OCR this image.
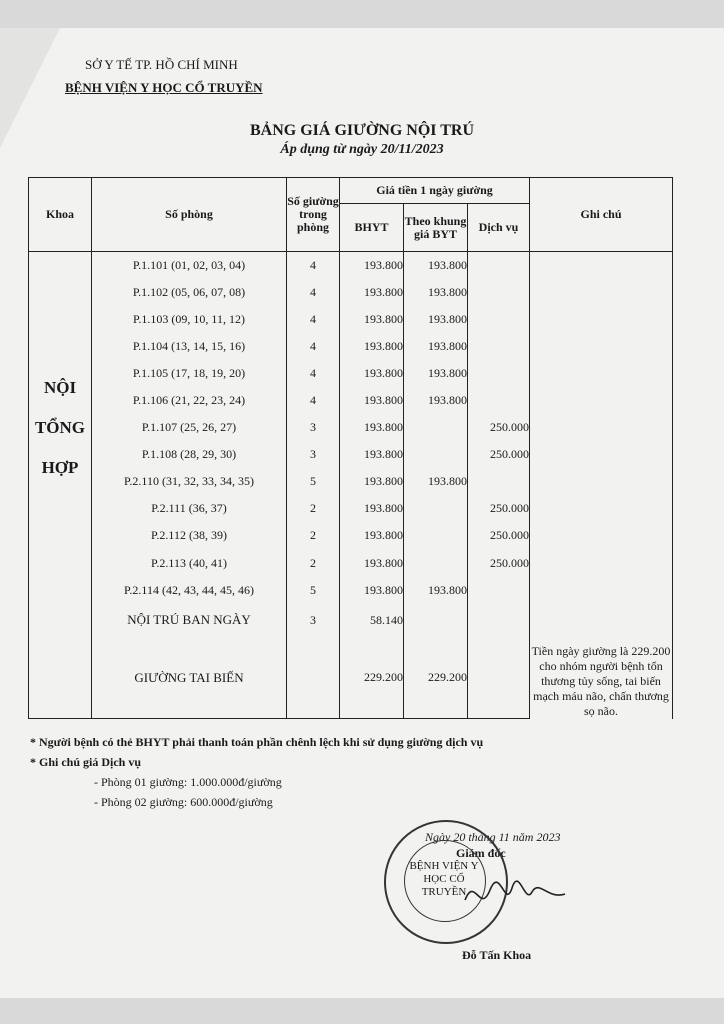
SỞ Y TẾ TP. HỒ CHÍ MINH
BỆNH VIỆN Y HỌC CỔ TRUYỀN
BẢNG GIÁ GIƯỜNG NỘI TRÚ
Áp dụng từ ngày 20/11/2023
Khoa	Số phòng	Số giường trong phòng	Giá tiền 1 ngày giường			Ghi chú
			BHYT	Theo khung giá BYT	Dịch vụ	
NỘI TỔNG HỢP	P.1.101 (01, 02, 03, 04)	4	193.800	193.800		
	P.1.102 (05, 06, 07, 08)	4	193.800	193.800		
	P.1.103 (09, 10, 11, 12)	4	193.800	193.800		
	P.1.104 (13, 14, 15, 16)	4	193.800	193.800		
	P.1.105 (17, 18, 19, 20)	4	193.800	193.800		
	P.1.106 (21, 22, 23, 24)	4	193.800	193.800		
	P.1.107 (25, 26, 27)	3	193.800		250.000	
	P.1.108 (28, 29, 30)	3	193.800		250.000	
	P.2.110 (31, 32, 33, 34, 35)	5	193.800	193.800		
	P.2.111 (36, 37)	2	193.800		250.000	
	P.2.112 (38, 39)	2	193.800		250.000	
	P.2.113 (40, 41)	2	193.800		250.000	
	P.2.114 (42, 43, 44, 45, 46)	5	193.800	193.800		
	NỘI TRÚ BAN NGÀY	3	58.140			Tiền ngày giường là 229.200 cho nhóm người bệnh tổn thương tủy sống, tai biến mạch máu não, chấn thương sọ não.
	GIƯỜNG TAI BIẾN		229.200	229.200		
* Người bệnh có thẻ BHYT phải thanh toán phần chênh lệch khi sử dụng giường dịch vụ
* Ghi chú giá Dịch vụ
- Phòng 01 giường: 1.000.000đ/giường
- Phòng 02 giường: 600.000đ/giường
Ngày 20 tháng 11 năm 2023
Giám đốc
BỆNH VIỆN Y HỌC CỔ TRUYỀN
Đỗ Tấn Khoa
